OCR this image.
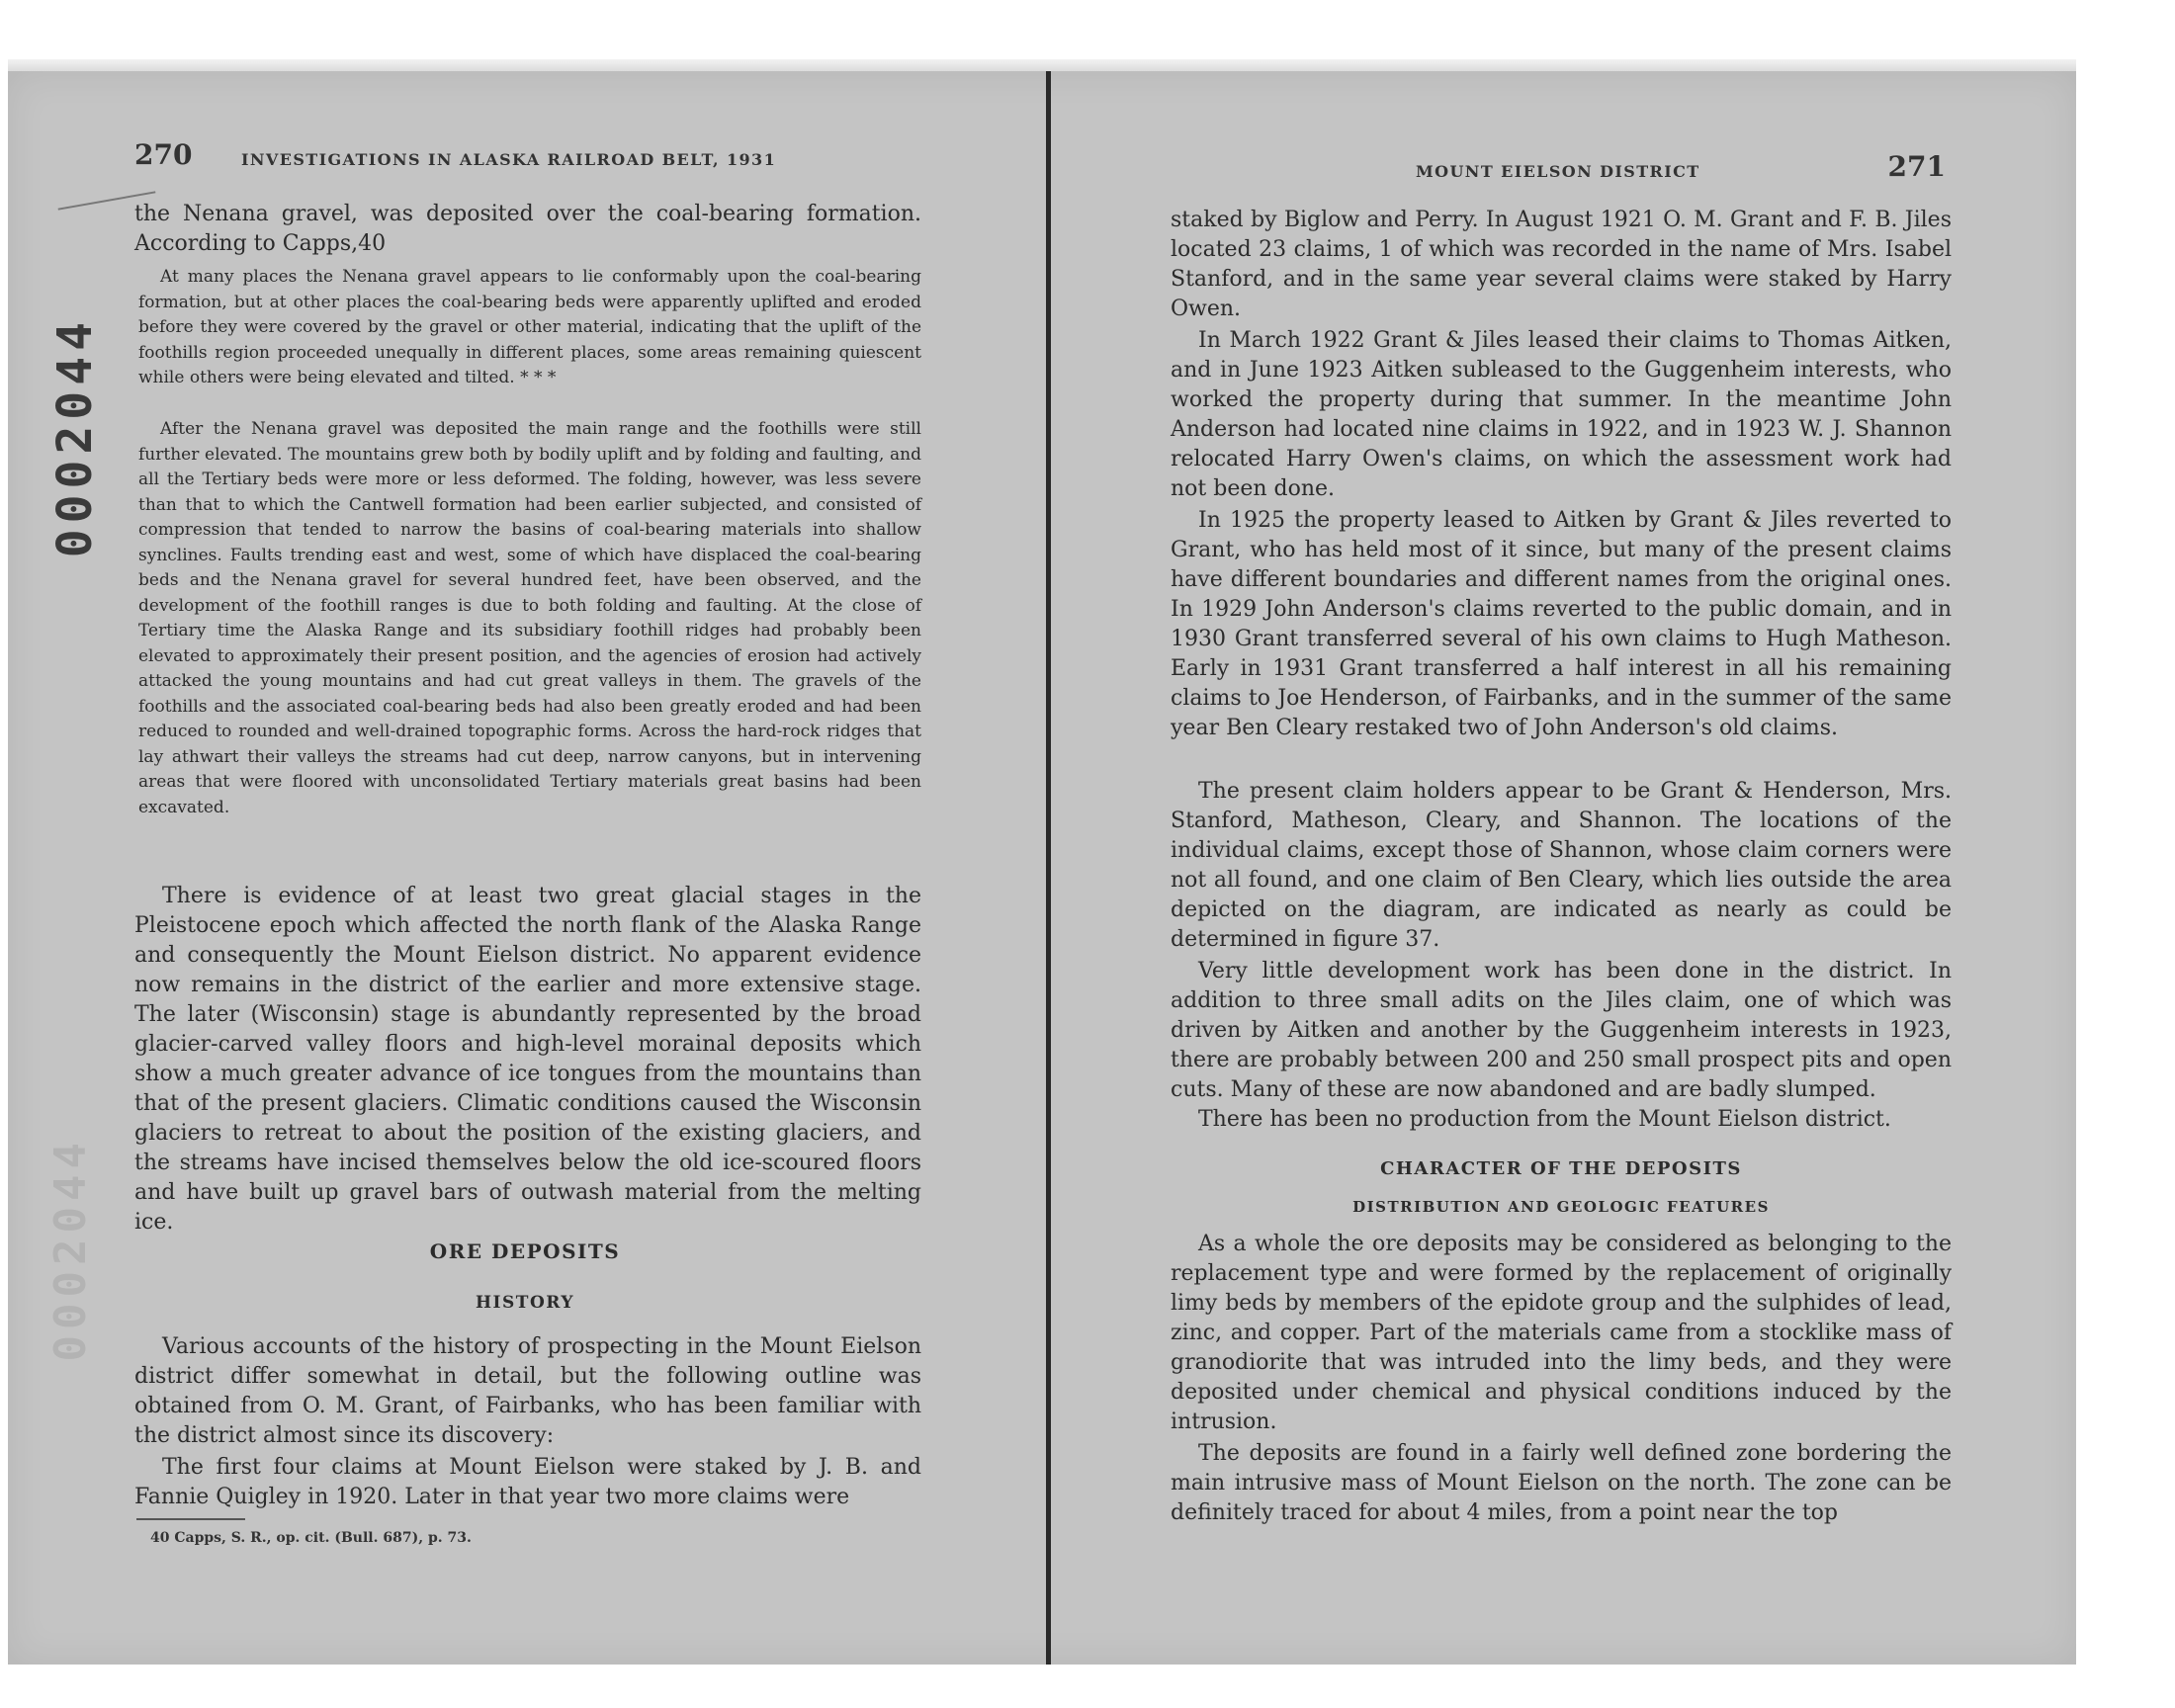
0002044
0002044
270	INVESTIGATIONS IN ALASKA RAILROAD BELT, 1931

the Nenana gravel, was deposited over the coal-bearing formation. According to Capps,40

At many places the Nenana gravel appears to lie conformably upon the coal-bearing formation, but at other places the coal-bearing beds were apparently uplifted and eroded before they were covered by the gravel or other material, indicating that the uplift of the foothills region proceeded unequally in different places, some areas remaining quiescent while others were being elevated and tilted. * * *

After the Nenana gravel was deposited the main range and the foothills were still further elevated. The mountains grew both by bodily uplift and by folding and faulting, and all the Tertiary beds were more or less deformed. The folding, however, was less severe than that to which the Cantwell formation had been earlier subjected, and consisted of compression that tended to narrow the basins of coal-bearing materials into shallow synclines. Faults trending east and west, some of which have displaced the coal-bearing beds and the Nenana gravel for several hundred feet, have been observed, and the development of the foothill ranges is due to both folding and faulting. At the close of Tertiary time the Alaska Range and its subsidiary foothill ridges had probably been elevated to approximately their present position, and the agencies of erosion had actively attacked the young mountains and had cut great valleys in them. The gravels of the foothills and the associated coal-bearing beds had also been greatly eroded and had been reduced to rounded and well-drained topographic forms. Across the hard-rock ridges that lay athwart their valleys the streams had cut deep, narrow canyons, but in intervening areas that were floored with unconsolidated Tertiary materials great basins had been excavated.

There is evidence of at least two great glacial stages in the Pleistocene epoch which affected the north flank of the Alaska Range and consequently the Mount Eielson district. No apparent evidence now remains in the district of the earlier and more extensive stage. The later (Wisconsin) stage is abundantly represented by the broad glacier-carved valley floors and high-level morainal deposits which show a much greater advance of ice tongues from the mountains than that of the present glaciers. Climatic conditions caused the Wisconsin glaciers to retreat to about the position of the existing glaciers, and the streams have incised themselves below the old ice-scoured floors and have built up gravel bars of outwash material from the melting ice.

ORE DEPOSITS
HISTORY

Various accounts of the history of prospecting in the Mount Eielson district differ somewhat in detail, but the following outline was obtained from O. M. Grant, of Fairbanks, who has been familiar with the district almost since its discovery:

The first four claims at Mount Eielson were staked by J. B. and Fannie Quigley in 1920. Later in that year two more claims were

40 Capps, S. R., op. cit. (Bull. 687), p. 73.
MOUNT EIELSON DISTRICT	271

staked by Biglow and Perry. In August 1921 O. M. Grant and F. B. Jiles located 23 claims, 1 of which was recorded in the name of Mrs. Isabel Stanford, and in the same year several claims were staked by Harry Owen.

In March 1922 Grant & Jiles leased their claims to Thomas Aitken, and in June 1923 Aitken subleased to the Guggenheim interests, who worked the property during that summer. In the meantime John Anderson had located nine claims in 1922, and in 1923 W. J. Shannon relocated Harry Owen's claims, on which the assessment work had not been done.

In 1925 the property leased to Aitken by Grant & Jiles reverted to Grant, who has held most of it since, but many of the present claims have different boundaries and different names from the original ones. In 1929 John Anderson's claims reverted to the public domain, and in 1930 Grant transferred several of his own claims to Hugh Matheson. Early in 1931 Grant transferred a half interest in all his remaining claims to Joe Henderson, of Fairbanks, and in the summer of the same year Ben Cleary restaked two of John Anderson's old claims.

The present claim holders appear to be Grant & Henderson, Mrs. Stanford, Matheson, Cleary, and Shannon. The locations of the individual claims, except those of Shannon, whose claim corners were not all found, and one claim of Ben Cleary, which lies outside the area depicted on the diagram, are indicated as nearly as could be determined in figure 37.

Very little development work has been done in the district. In addition to three small adits on the Jiles claim, one of which was driven by Aitken and another by the Guggenheim interests in 1923, there are probably between 200 and 250 small prospect pits and open cuts. Many of these are now abandoned and are badly slumped.

There has been no production from the Mount Eielson district.

CHARACTER OF THE DEPOSITS
DISTRIBUTION AND GEOLOGIC FEATURES

As a whole the ore deposits may be considered as belonging to the replacement type and were formed by the replacement of originally limy beds by members of the epidote group and the sulphides of lead, zinc, and copper. Part of the materials came from a stocklike mass of granodiorite that was intruded into the limy beds, and they were deposited under chemical and physical conditions induced by the intrusion.

The deposits are found in a fairly well defined zone bordering the main intrusive mass of Mount Eielson on the north. The zone can be definitely traced for about 4 miles, from a point near the top
